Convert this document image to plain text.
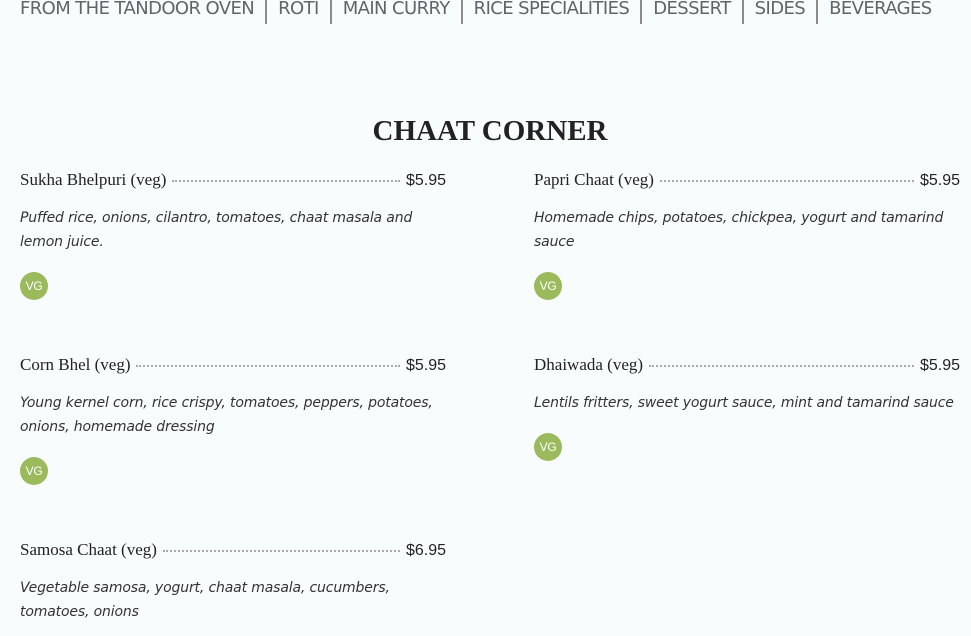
FROM THE TANDOOR OVEN ROTI MAIN CURRY RICE SPECIALITIES DESSERT SIDES BEVERAGES
CHAAT CORNER
Sukha Bhelpuri (veg)	$5.95
Puffed rice, onions, cilantro, tomatoes, chaat masala and lemon juice.
VG
Papri Chaat (veg)	$5.95
Homemade chips, potatoes, chickpea, yogurt and tamarind sauce
VG
Corn Bhel (veg)	$5.95
Young kernel corn, rice crispy, tomatoes, peppers, potatoes, onions, homemade dressing
VG
Dhaiwada (veg)	$5.95
Lentils fritters, sweet yogurt sauce, mint and tamarind sauce
VG
Samosa Chaat (veg)	$6.95
Vegetable samosa, yogurt, chaat masala, cucumbers, tomatoes, onions
